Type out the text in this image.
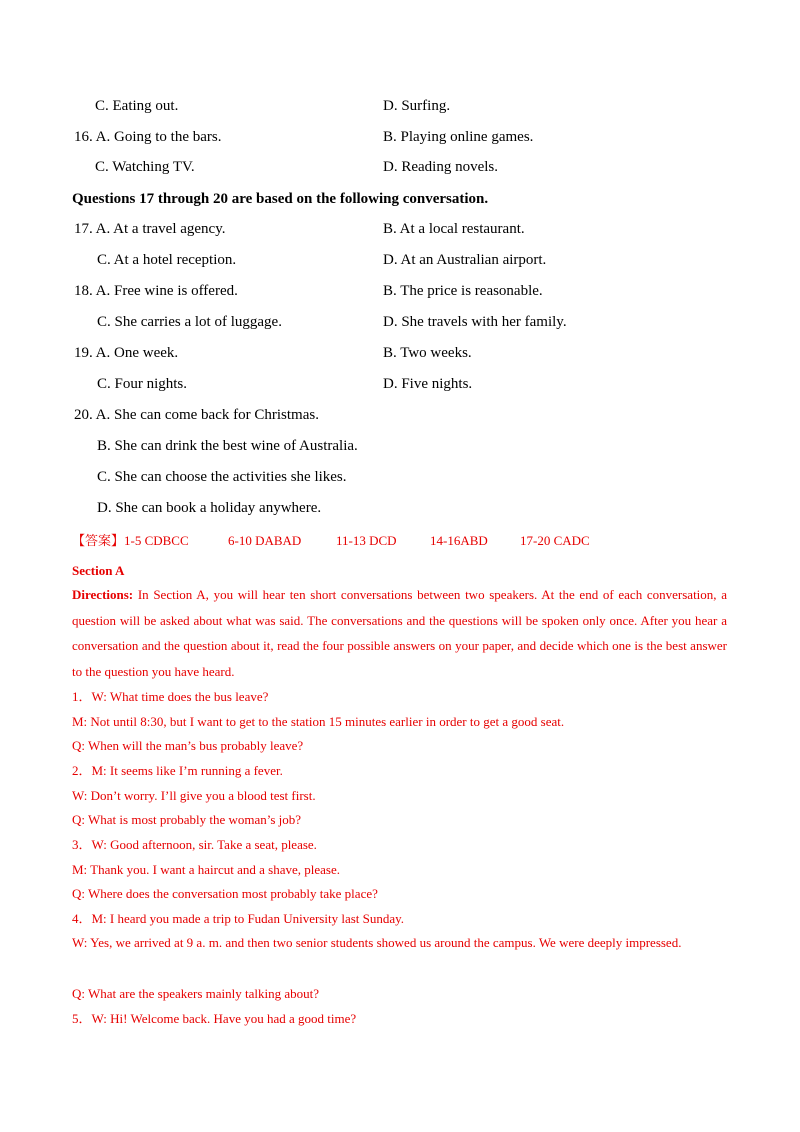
C. Eating out.	D. Surfing.
16. A. Going to the bars.	B. Playing online games.
C. Watching TV.	D. Reading novels.
Questions 17 through 20 are based on the following conversation.
17. A. At a travel agency.	B. At a local restaurant.
C. At a hotel reception.	D. At an Australian airport.
18. A. Free wine is offered.	B. The price is reasonable.
C. She carries a lot of luggage.	D. She travels with her family.
19. A. One week.	B. Two weeks.
C. Four nights.	D. Five nights.
20. A. She can come back for Christmas.
B. She can drink the best wine of Australia.
C. She can choose the activities she likes.
D. She can book a holiday anywhere.
【答案】1-5 CDBCC	6-10 DABAD	11-13 DCD	14-16ABD 17-20 CADC
Section A
Directions: In Section A, you will hear ten short conversations between two speakers. At the end of each conversation, a question will be asked about what was said. The conversations and the questions will be spoken only once. After you hear a conversation and the question about it, read the four possible answers on your paper, and decide which one is the best answer to the question you have heard.
1．W: What time does the bus leave?
M: Not until 8:30, but I want to get to the station 15 minutes earlier in order to get a good seat.
Q: When will the man’s bus probably leave?
2．M: It seems like I’m running a fever.
W: Don’t worry. I’ll give you a blood test first.
Q: What is most probably the woman’s job?
3．W: Good afternoon, sir. Take a seat, please.
M: Thank you. I want a haircut and a shave, please.
Q: Where does the conversation most probably take place?
4．M: I heard you made a trip to Fudan University last Sunday.
W: Yes, we arrived at 9 a. m. and then two senior students showed us around the campus. We were deeply impressed.
Q: What are the speakers mainly talking about?
5．W: Hi! Welcome back. Have you had a good time?
